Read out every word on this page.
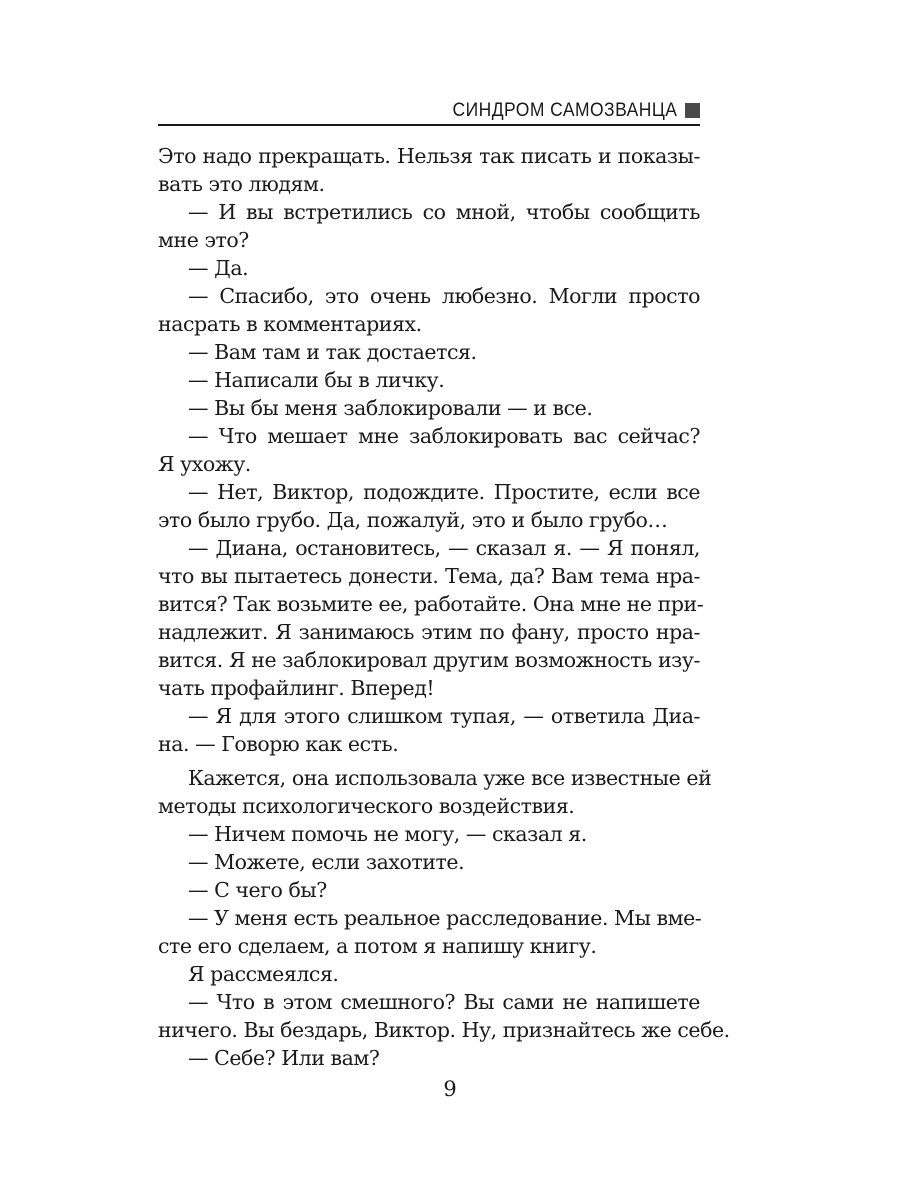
СИНДРОМ САМОЗВАНЦА
Это надо прекращать. Нельзя так писать и показы-
вать это людям.
— И вы встретились со мной, чтобы сообщить
мне это?
— Да.
— Спасибо, это очень любезно. Могли просто
насрать в комментариях.
— Вам там и так достается.
— Написали бы в личку.
— Вы бы меня заблокировали — и все.
— Что мешает мне заблокировать вас сейчас?
Я ухожу.
— Нет, Виктор, подождите. Простите, если все
это было грубо. Да, пожалуй, это и было грубо…
— Диана, остановитесь, — сказал я. — Я понял,
что вы пытаетесь донести. Тема, да? Вам тема нра-
вится? Так возьмите ее, работайте. Она мне не при-
надлежит. Я занимаюсь этим по фану, просто нра-
вится. Я не заблокировал другим возможность изу-
чать профайлинг. Вперед!
— Я для этого слишком тупая, — ответила Диа-
на. — Говорю как есть.
Кажется, она использовала уже все известные ей
методы психологического воздействия.
— Ничем помочь не могу, — сказал я.
— Можете, если захотите.
— С чего бы?
— У меня есть реальное расследование. Мы вме-
сте его сделаем, а потом я напишу книгу.
Я рассмеялся.
— Что в этом смешного? Вы сами не напишете
ничего. Вы бездарь, Виктор. Ну, признайтесь же себе.
— Себе? Или вам?
9
